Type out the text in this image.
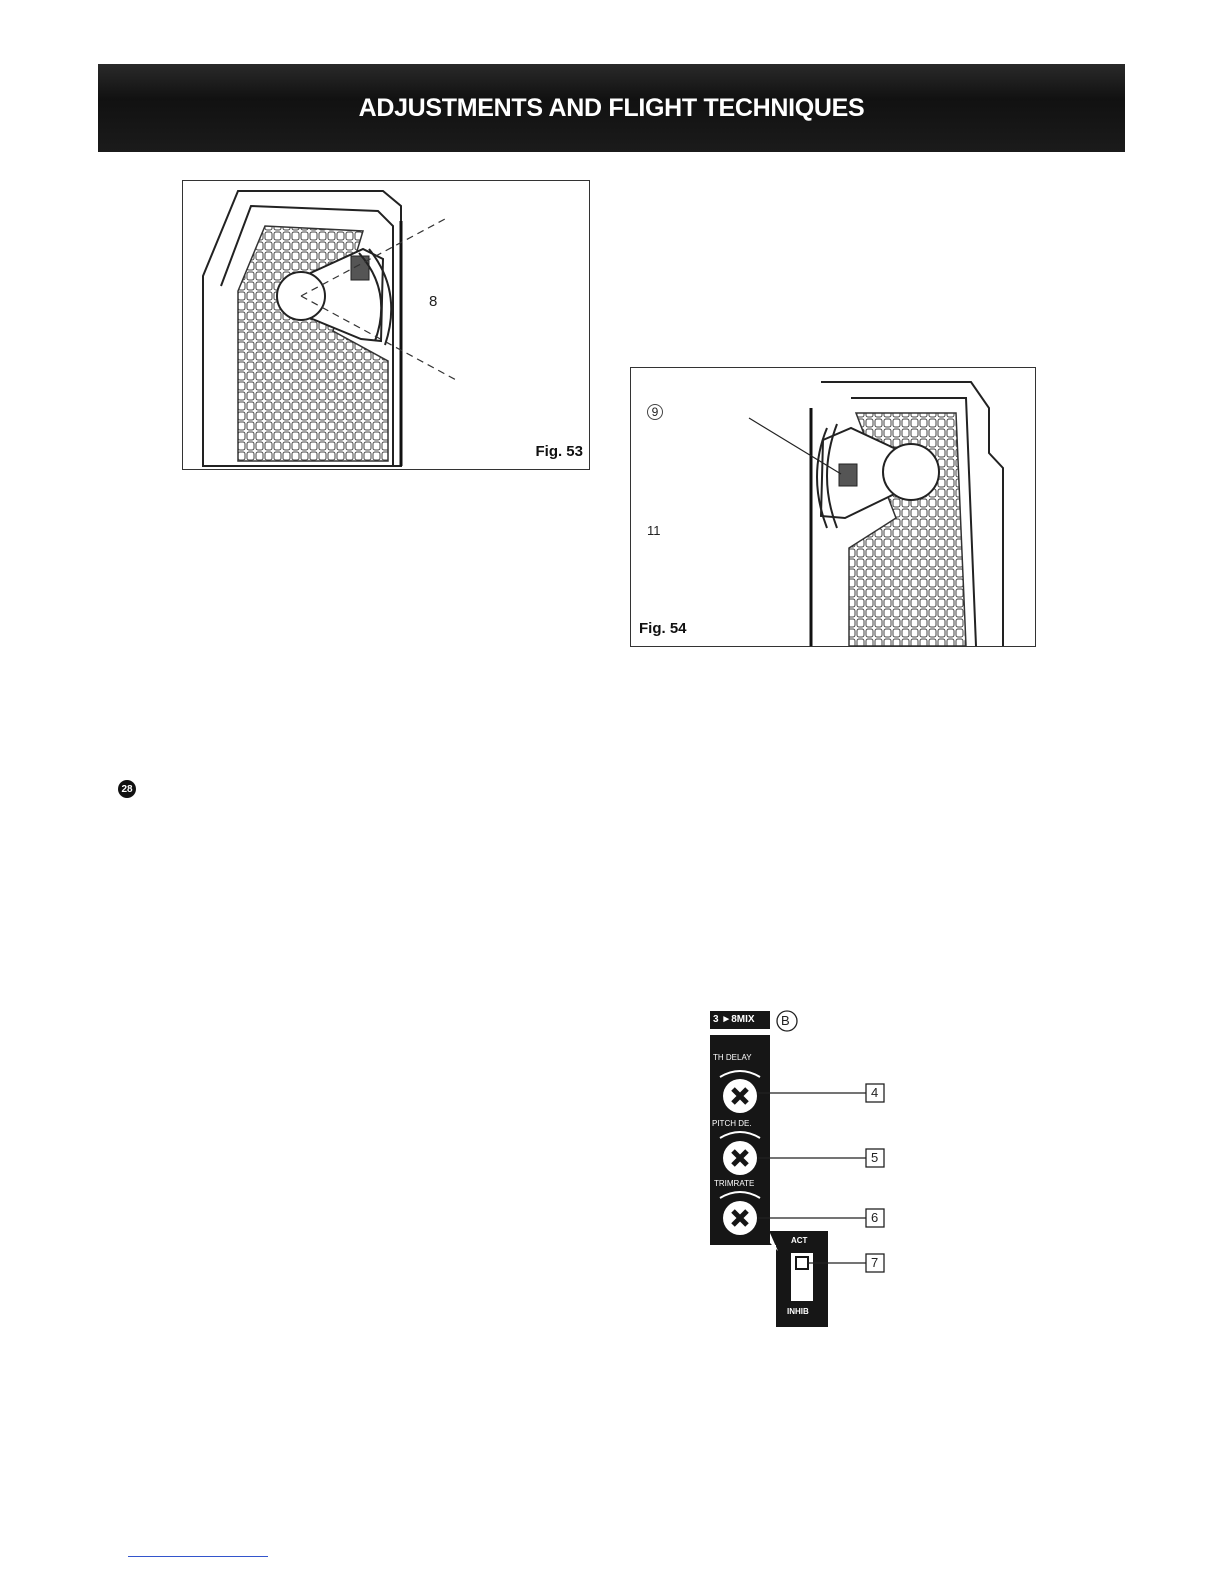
ADJUSTMENTS AND FLIGHT TECHNIQUES
8
Fig. 53
9
11
Fig. 54
28
3 ►8MIX B
TH DELAY
PITCH DE.
TRIMRATE
ACT
INHIB
4
5
6
7
